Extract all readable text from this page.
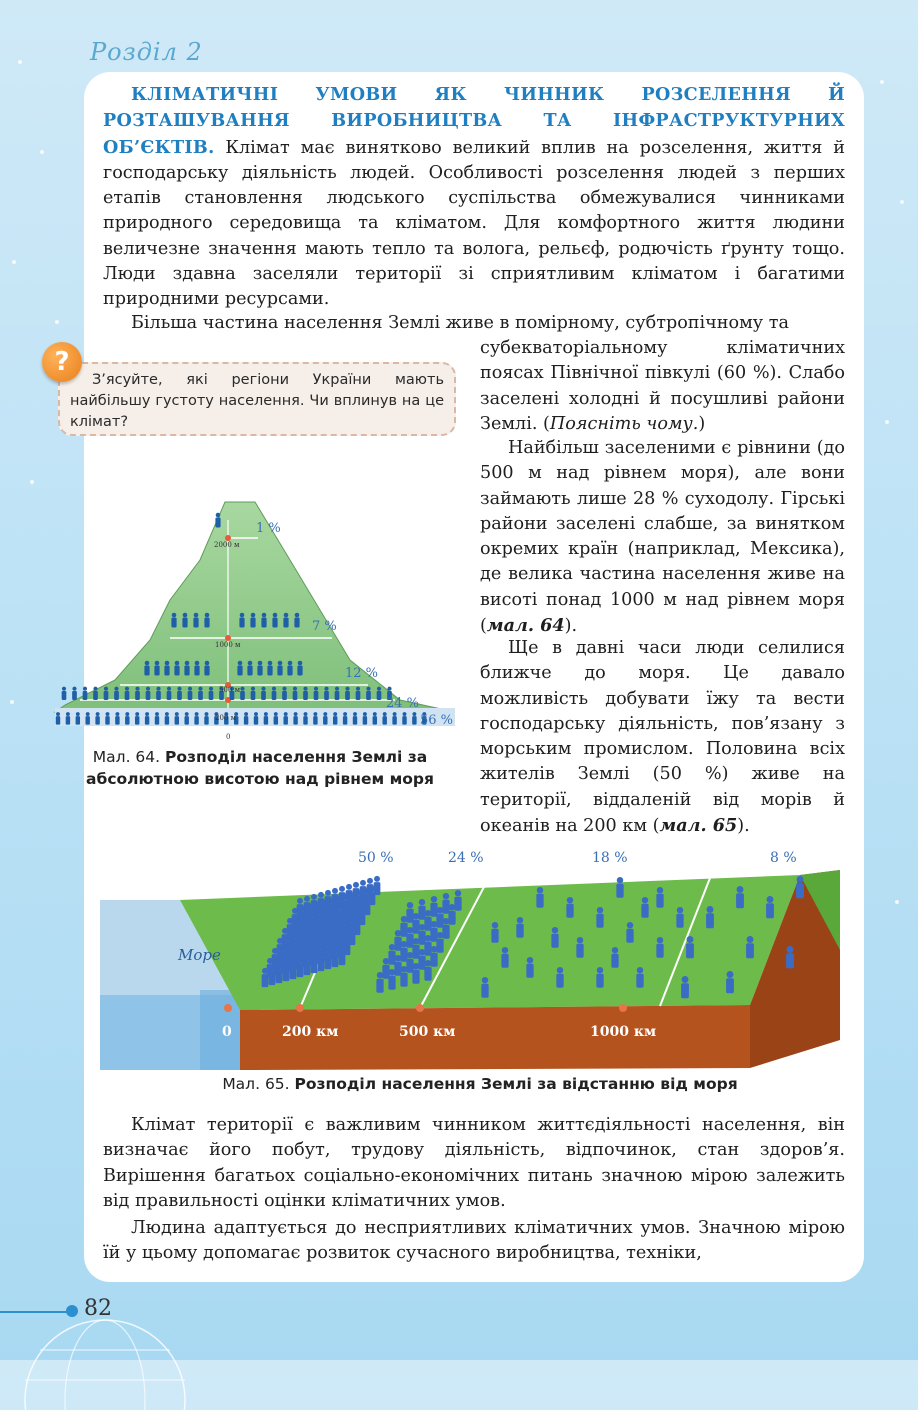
Розділ 2

КЛІМАТИЧНІ УМОВИ ЯК ЧИННИК РОЗСЕЛЕННЯ Й РОЗТАШУВАННЯ ВИРОБНИЦТВА ТА ІНФРАСТРУКТУРНИХ ОБ’ЄКТІВ. Клімат має винятково великий вплив на розселення, життя й господарську діяльність людей. Особливості розселення людей з перших етапів становлення людського суспільства обмежувалися чинниками природного середовища та кліматом. Для комфортного життя людини величезне значення мають тепло та волога, рельєф, родючість ґрунту тощо. Люди здавна заселяли території зі сприятливим кліматом і багатими природними ресурсами.

Більша частина населення Землі живе в помірному, субтропічному та

субекваторіальному кліматичних поясах Північної півкулі (60 %). Слабо заселені холодні й посушливі райони Землі. (Поясніть чому.)

Найбільш заселеними є рівнини (до 500 м над рівнем моря), але вони займають лише 28 % суходолу. Гірські райони заселені слабше, за винятком окремих країн (наприклад, Мексика), де велика частина населення живе на висоті понад 1000 м над рівнем моря (мал. 64).

Ще в давні часи люди селилися ближче до моря. Це давало можливість добувати їжу та вести господарську діяльність, пов’язану з морським промислом. Половина всіх жителів Землі (50 %) живе на території, віддаленій від морів й океанів на 200 км (мал. 65).

З’ясуйте, які регіони України мають найбільшу густоту населення. Чи вплинув на це клімат?
?
2000 м
1000 м
500 м
200 м
0
1 %
7 %
12 %
24 %
56 %
Мал. 64. Розподіл населення Землі за абсолютною висотою над рівнем моря
Море
50 %	24 %	18 %	8 %
0	200 км	500 км	1000 км
Мал. 65. Розподіл населення Землі за відстанню від моря

Клімат території є важливим чинником життєдіяльності населення, він визначає його побут, трудову діяльність, відпочинок, стан здоров’я. Вирішення багатьох соціально-економічних питань значною мірою залежить від правильності оцінки кліматичних умов.

Людина адаптується до несприятливих кліматичних умов. Значною мірою їй у цьому допомагає розвиток сучасного виробництва, техніки,

82
